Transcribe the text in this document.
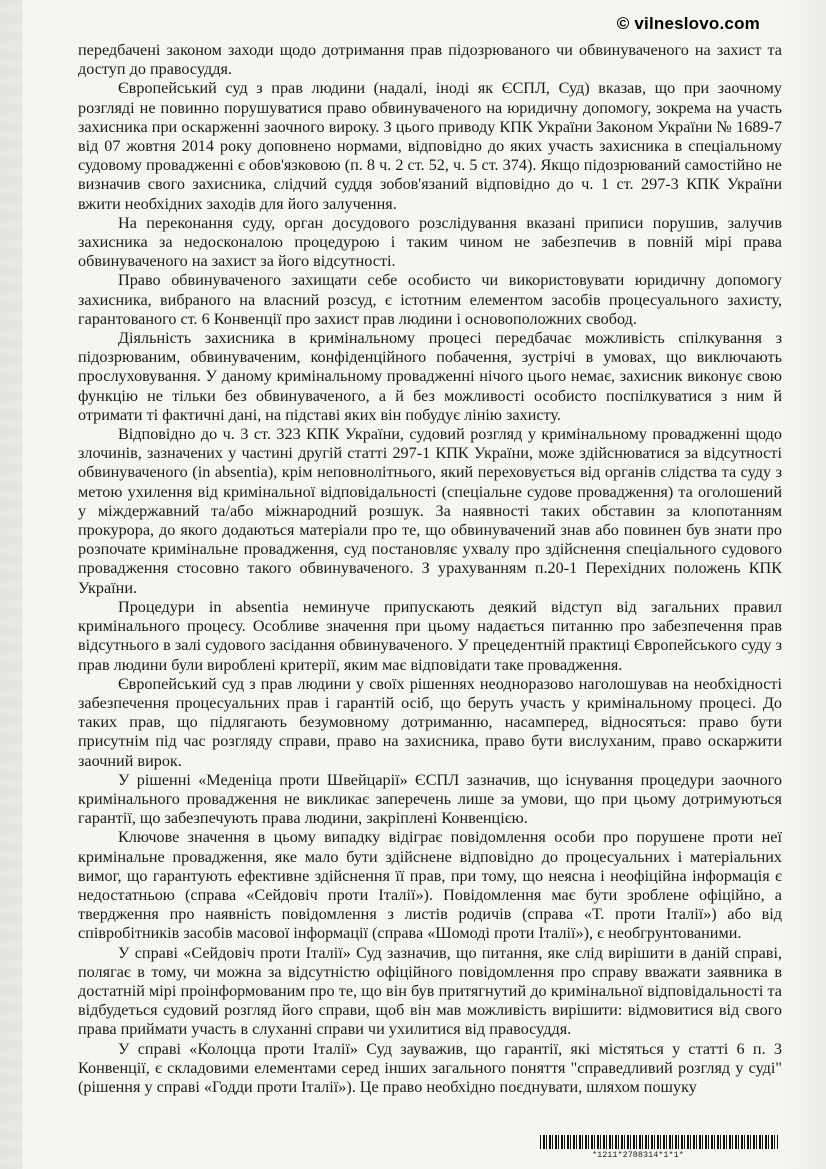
© vilneslovo.com

передбачені законом заходи щодо дотримання прав підозрюваного чи обвинуваченого на захист та доступ до правосуддя.

Європейський суд з прав людини (надалі, іноді як ЄСПЛ, Суд) вказав, що при заочному розгляді не повинно порушуватися право обвинуваченого на юридичну допомогу, зокрема на участь захисника при оскарженні заочного вироку. З цього приводу КПК України Законом України № 1689-7 від 07 жовтня 2014 року доповнено нормами, відповідно до яких участь захисника в спеціальному судовому провадженні є обов'язковою (п. 8 ч. 2 ст. 52, ч. 5 ст. 374). Якщо підозрюваний самостійно не визначив свого захисника, слідчий суддя зобов'язаний відповідно до ч. 1 ст. 297-3 КПК України вжити необхідних заходів для його залучення.

На переконання суду, орган досудового розслідування вказані приписи порушив, залучив захисника за недосконалою процедурою і таким чином не забезпечив в повній мірі права обвинуваченого на захист за його відсутності.

Право обвинуваченого захищати себе особисто чи використовувати юридичну допомогу захисника, вибраного на власний розсуд, є істотним елементом засобів процесуального захисту, гарантованого ст. 6 Конвенції про захист прав людини і основоположних свобод.

Діяльність захисника в кримінальному процесі передбачає можливість спілкування з підозрюваним, обвинуваченим, конфіденційного побачення, зустрічі в умовах, що виключають прослуховування. У даному кримінальному провадженні нічого цього немає, захисник виконує свою функцію не тільки без обвинуваченого, а й без можливості особисто поспілкуватися з ним й отримати ті фактичні дані, на підставі яких він побудує лінію захисту.

Відповідно до ч. 3 ст. 323 КПК України, судовий розгляд у кримінальному провадженні щодо злочинів, зазначених у частині другій статті 297-1 КПК України, може здійснюватися за відсутності обвинуваченого (in absentia), крім неповнолітнього, який переховується від органів слідства та суду з метою ухилення від кримінальної відповідальності (спеціальне судове провадження) та оголошений у міждержавний та/або міжнародний розшук. За наявності таких обставин за клопотанням прокурора, до якого додаються матеріали про те, що обвинувачений знав або повинен був знати про розпочате кримінальне провадження, суд постановляє ухвалу про здійснення спеціального судового провадження стосовно такого обвинуваченого. З урахуванням п.20-1 Перехідних положень КПК України.

Процедури in absentia неминуче припускають деякий відступ від загальних правил кримінального процесу. Особливе значення при цьому надається питанню про забезпечення прав відсутнього в залі судового засідання обвинуваченого. У прецедентній практиці Європейського суду з прав людини були вироблені критерії, яким має відповідати таке провадження.

Європейський суд з прав людини у своїх рішеннях неодноразово наголошував на необхідності забезпечення процесуальних прав і гарантій осіб, що беруть участь у кримінальному процесі. До таких прав, що підлягають безумовному дотриманню, насамперед, відносяться: право бути присутнім під час розгляду справи, право на захисника, право бути вислуханим, право оскаржити заочний вирок.

У рішенні «Меденіца проти Швейцарії» ЄСПЛ зазначив, що існування процедури заочного кримінального провадження не викликає заперечень лише за умови, що при цьому дотримуються гарантії, що забезпечують права людини, закріплені Конвенцією.

Ключове значення в цьому випадку відіграє повідомлення особи про порушене проти неї кримінальне провадження, яке мало бути здійснене відповідно до процесуальних і матеріальних вимог, що гарантують ефективне здійснення її прав, при тому, що неясна і неофіційна інформація є недостатньою (справа «Сейдовіч проти Італії»). Повідомлення має бути зроблене офіційно, а твердження про наявність повідомлення з листів родичів (справа «Т. проти Італії») або від співробітників засобів масової інформації (справа «Шомоді проти Італії»), є необгрунтованими.

У справі «Сейдовіч проти Італії» Суд зазначив, що питання, яке слід вирішити в даній справі, полягає в тому, чи можна за відсутністю офіційного повідомлення про справу вважати заявника в достатній мірі проінформованим про те, що він був притягнутий до кримінальної відповідальності та відбудеться судовий розгляд його справи, щоб він мав можливість вирішити: відмовитися від свого права приймати участь в слуханні справи чи ухилитися від правосуддя.

У справі «Колоцца проти Італії» Суд зауважив, що гарантії, які містяться у статті 6 п. 3 Конвенції, є складовими елементами серед інших загального поняття "справедливий розгляд у суді" (рішення у справі «Годди проти Італії»). Це право необхідно поєднувати, шляхом пошуку

*1211*2788314*1*1*
